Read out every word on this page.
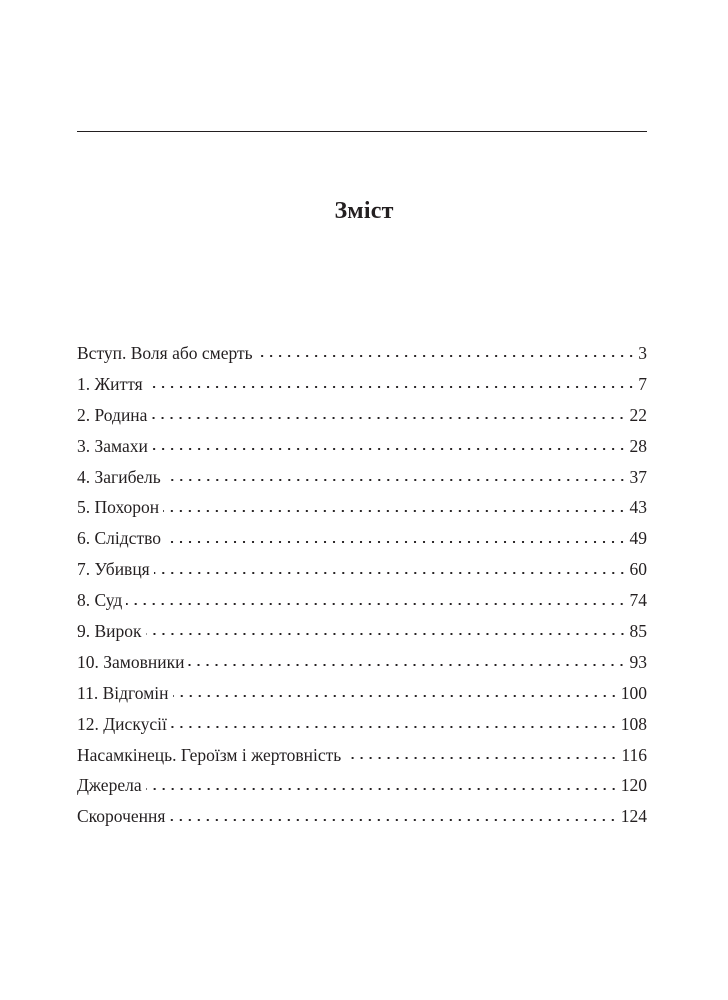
Зміст
Вступ. Воля або смерть	3
1. Життя	7
2. Родина	22
3. Замахи	28
4. Загибель	37
5. Похорон	43
6. Слідство	49
7. Убивця	60
8. Суд	74
9. Вирок	85
10. Замовники	93
11. Відгомін	100
12. Дискусії	108
Насамкінець. Героїзм і жертовність	116
Джерела	120
Скорочення	124
